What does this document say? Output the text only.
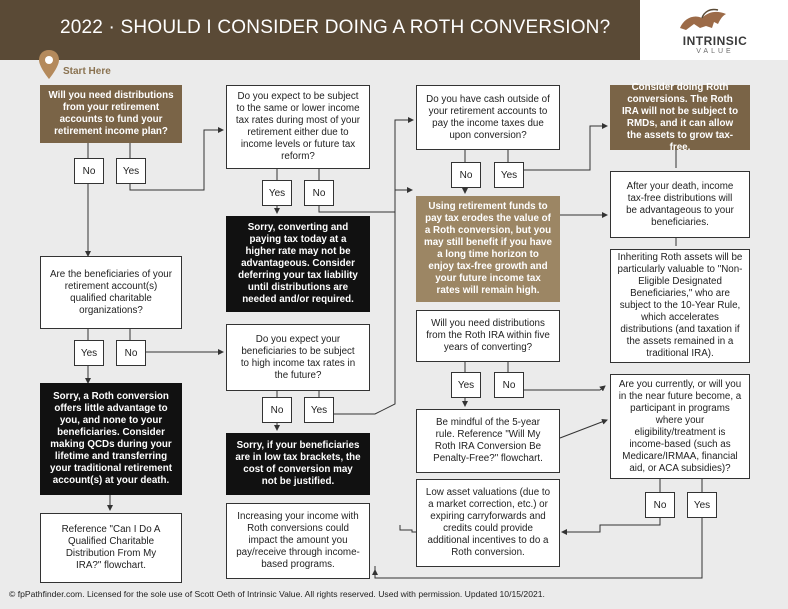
2022 · SHOULD I CONSIDER DOING A ROTH CONVERSION?
INTRINSIC
VALUE
Start Here
Will you need distributions from your retirement accounts to fund your retirement income plan?
No	Yes
Are the beneficiaries of your retirement account(s) qualified charitable organizations?
Yes	No
Sorry, a Roth conversion offers little advantage to you, and none to your beneficiaries. Consider making QCDs during your lifetime and transferring your traditional retirement account(s) at your death.
Reference "Can I Do A Qualified Charitable Distribution From My IRA?" flowchart.
Do you expect to be subject to the same or lower income tax rates during most of your retirement either due to income levels or future tax reform?
Yes	No
Sorry, converting and paying tax today at a higher rate may not be advantageous. Consider deferring your tax liability until distributions are needed and/or required.
Do you expect your beneficiaries to be subject to high income tax rates in the future?
No	Yes
Sorry, if your beneficiaries are in low tax brackets, the cost of conversion may not be justified.
Increasing your income with Roth conversions could impact the amount you pay/receive through income-based programs.
Do you have cash outside of your retirement accounts to pay the income taxes due upon conversion?
No	Yes
Using retirement funds to pay tax erodes the value of a Roth conversion, but you may still benefit if you have a long time horizon to enjoy tax-free growth and your future income tax rates will remain high.
Will you need distributions from the Roth IRA within five years of converting?
Yes	No
Be mindful of the 5-year rule. Reference "Will My Roth IRA Conversion Be Penalty-Free?" flowchart.
Low asset valuations (due to a market correction, etc.) or expiring carryforwards and credits could provide additional incentives to do a Roth conversion.
Consider doing Roth conversions. The Roth IRA will not be subject to RMDs, and it can allow the assets to grow tax-free.
After your death, income tax-free distributions will be advantageous to your beneficiaries.
Inheriting Roth assets will be particularly valuable to "Non-Eligible Designated Beneficiaries," who are subject to the 10-Year Rule, which accelerates distributions (and taxation if the assets remained in a traditional IRA).
Are you currently, or will you in the near future become, a participant in programs where your eligibility/treatment is income-based (such as Medicare/IRMAA, financial aid, or ACA subsidies)?
No	Yes
© fpPathfinder.com. Licensed for the sole use of Scott Oeth of Intrinsic Value. All rights reserved. Used with permission. Updated 10/15/2021.
